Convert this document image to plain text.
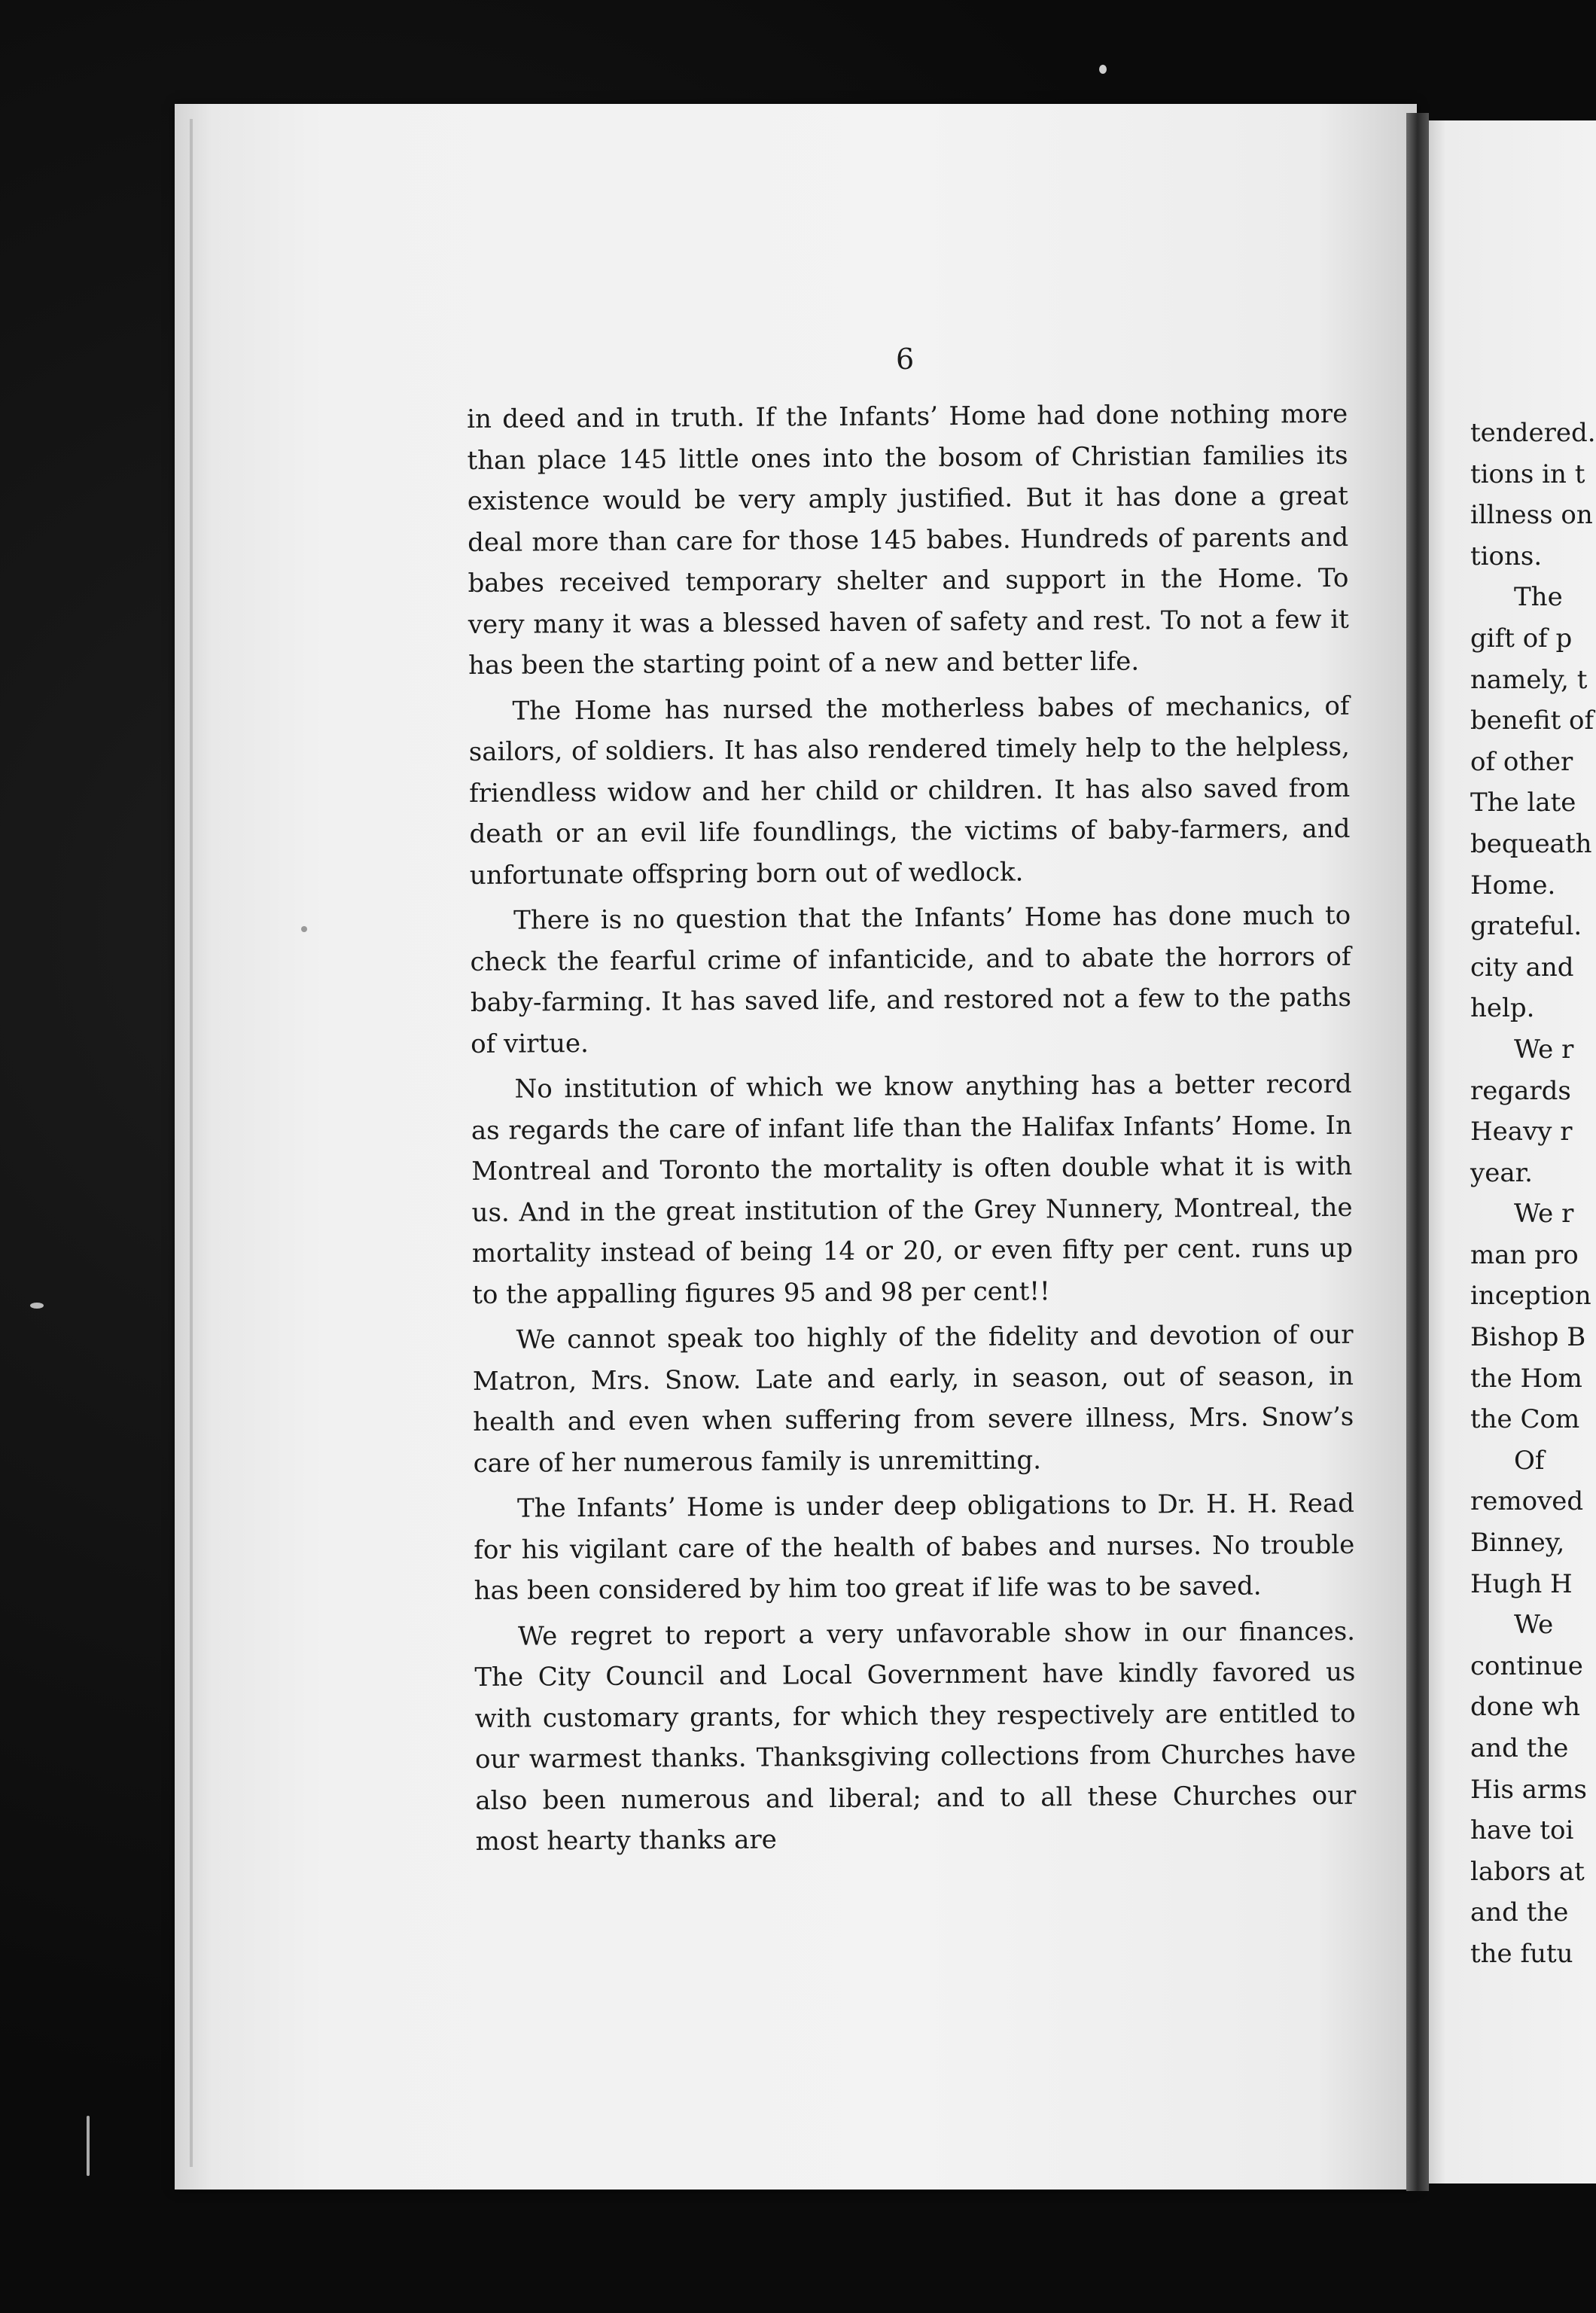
tendered.
tions in t
illness on
tions.
The
gift of p
namely, t
benefit of
of other
The late
bequeath
Home.
grateful.
city and
help.
We r
regards
Heavy r
year.
We r
man pro
inception
Bishop B
the Hom
the Com
Of
removed
Binney,
Hugh H
We
continue
done wh
and the
His arms
have toi
labors at
and the
the futu
6

in deed and in truth. If the Infants’ Home had done nothing more than place 145 little ones into the bosom of Christian families its existence would be very amply justified. But it has done a great deal more than care for those 145 babes. Hundreds of parents and babes received temporary shelter and support in the Home. To very many it was a blessed haven of safety and rest. To not a few it has been the starting point of a new and better life.

The Home has nursed the motherless babes of mechanics, of sailors, of soldiers. It has also rendered timely help to the helpless, friendless widow and her child or children. It has also saved from death or an evil life foundlings, the victims of baby-farmers, and unfortunate offspring born out of wedlock.

There is no question that the Infants’ Home has done much to check the fearful crime of infanticide, and to abate the horrors of baby-farming. It has saved life, and restored not a few to the paths of virtue.

No institution of which we know anything has a better record as regards the care of infant life than the Halifax Infants’ Home. In Montreal and Toronto the mortality is often double what it is with us. And in the great institution of the Grey Nunnery, Montreal, the mortality instead of being 14 or 20, or even fifty per cent. runs up to the appalling figures 95 and 98 per cent!!

We cannot speak too highly of the fidelity and devotion of our Matron, Mrs. Snow. Late and early, in season, out of season, in health and even when suffering from severe illness, Mrs. Snow’s care of her numerous family is unremitting.

The Infants’ Home is under deep obligations to Dr. H. H. Read for his vigilant care of the health of babes and nurses. No trouble has been considered by him too great if life was to be saved.

We regret to report a very unfavorable show in our finances. The City Council and Local Government have kindly favored us with customary grants, for which they respectively are entitled to our warmest thanks. Thanksgiving collections from Churches have also been numerous and liberal; and to all these Churches our most hearty thanks are
